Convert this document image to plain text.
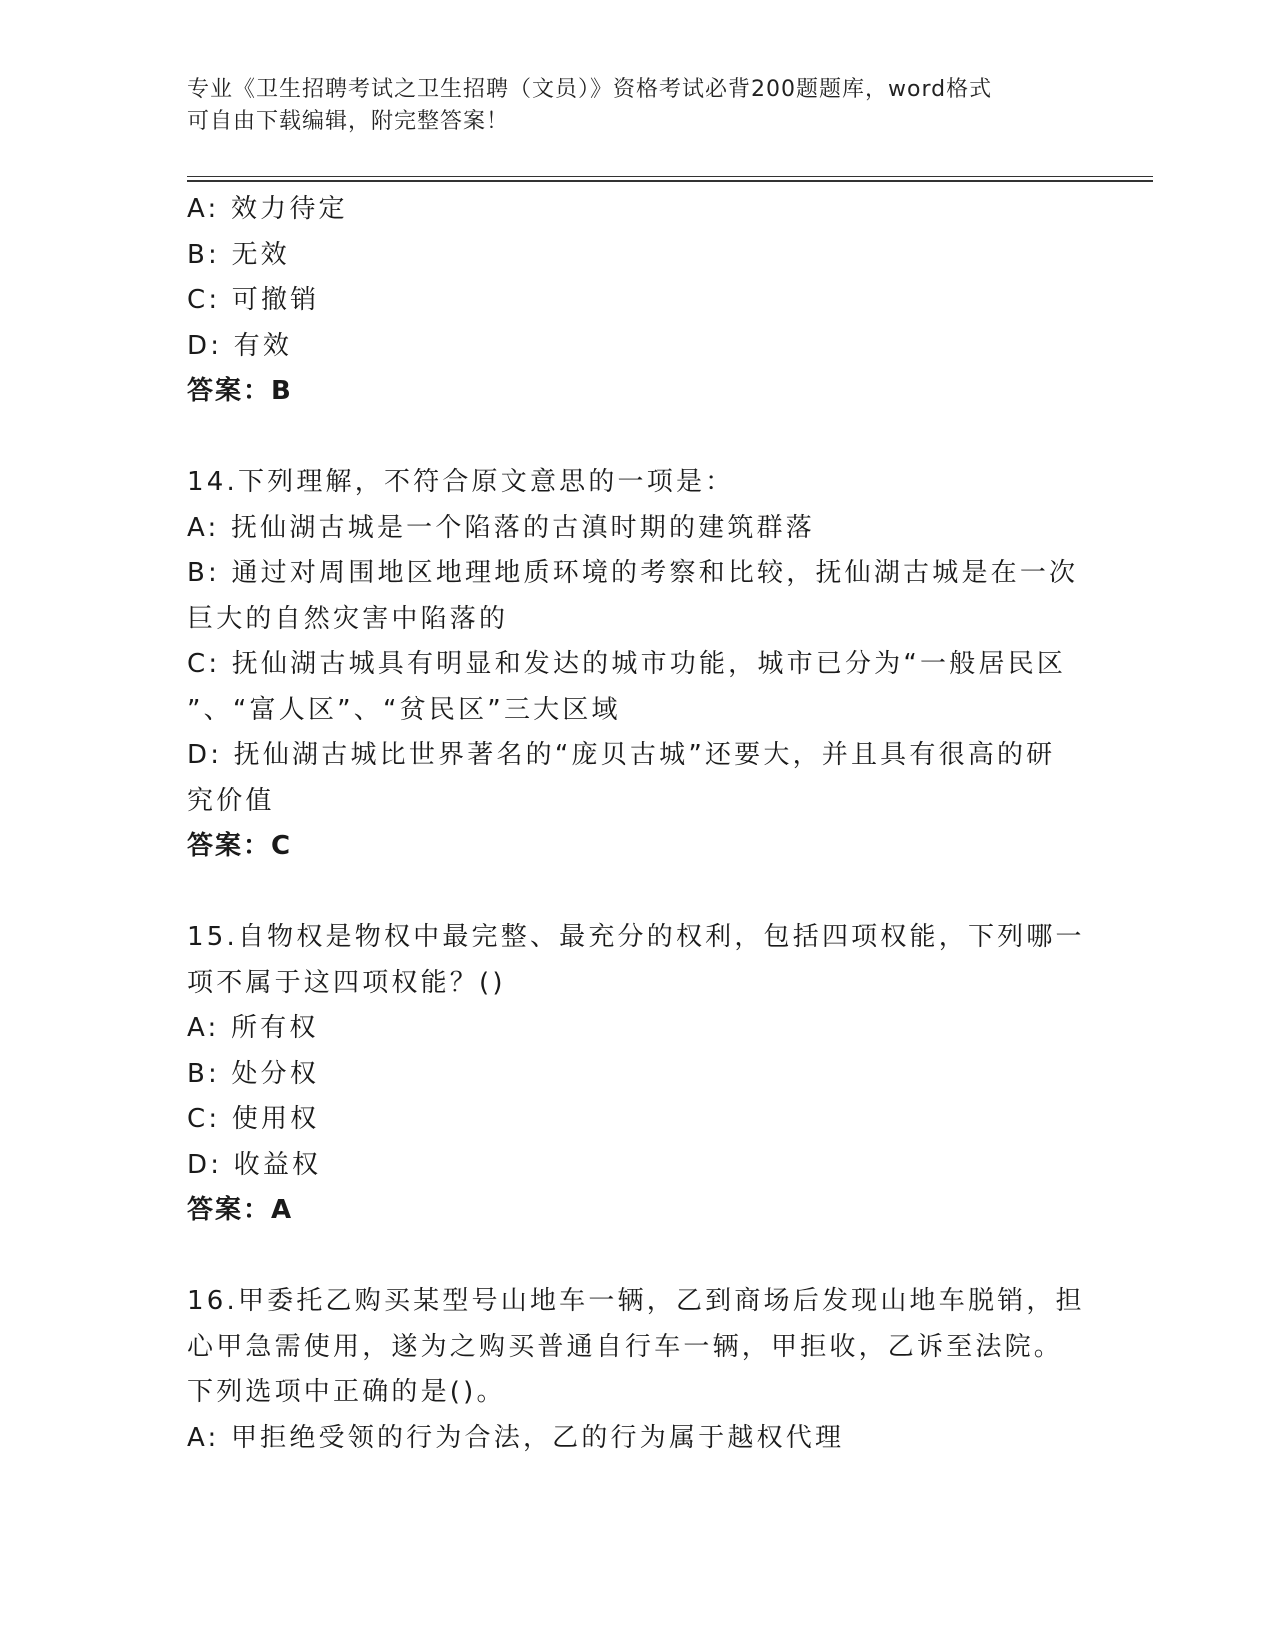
专业《卫生招聘考试之卫生招聘（文员）》资格考试必背200题题库，word格式
可自由下载编辑，附完整答案！
A: 效力待定
B: 无效
C: 可撤销
D: 有效
答案：B
14.下列理解，不符合原文意思的一项是：
A: 抚仙湖古城是一个陷落的古滇时期的建筑群落
B: 通过对周围地区地理地质环境的考察和比较，抚仙湖古城是在一次
巨大的自然灾害中陷落的
C: 抚仙湖古城具有明显和发达的城市功能，城市已分为“一般居民区
”、“富人区”、“贫民区”三大区域
D: 抚仙湖古城比世界著名的“庞贝古城”还要大，并且具有很高的研
究价值
答案：C
15.自物权是物权中最完整、最充分的权利，包括四项权能，下列哪一
项不属于这四项权能？()
A: 所有权
B: 处分权
C: 使用权
D: 收益权
答案：A
16.甲委托乙购买某型号山地车一辆，乙到商场后发现山地车脱销，担
心甲急需使用，遂为之购买普通自行车一辆，甲拒收，乙诉至法院。
下列选项中正确的是()。
A: 甲拒绝受领的行为合法，乙的行为属于越权代理
